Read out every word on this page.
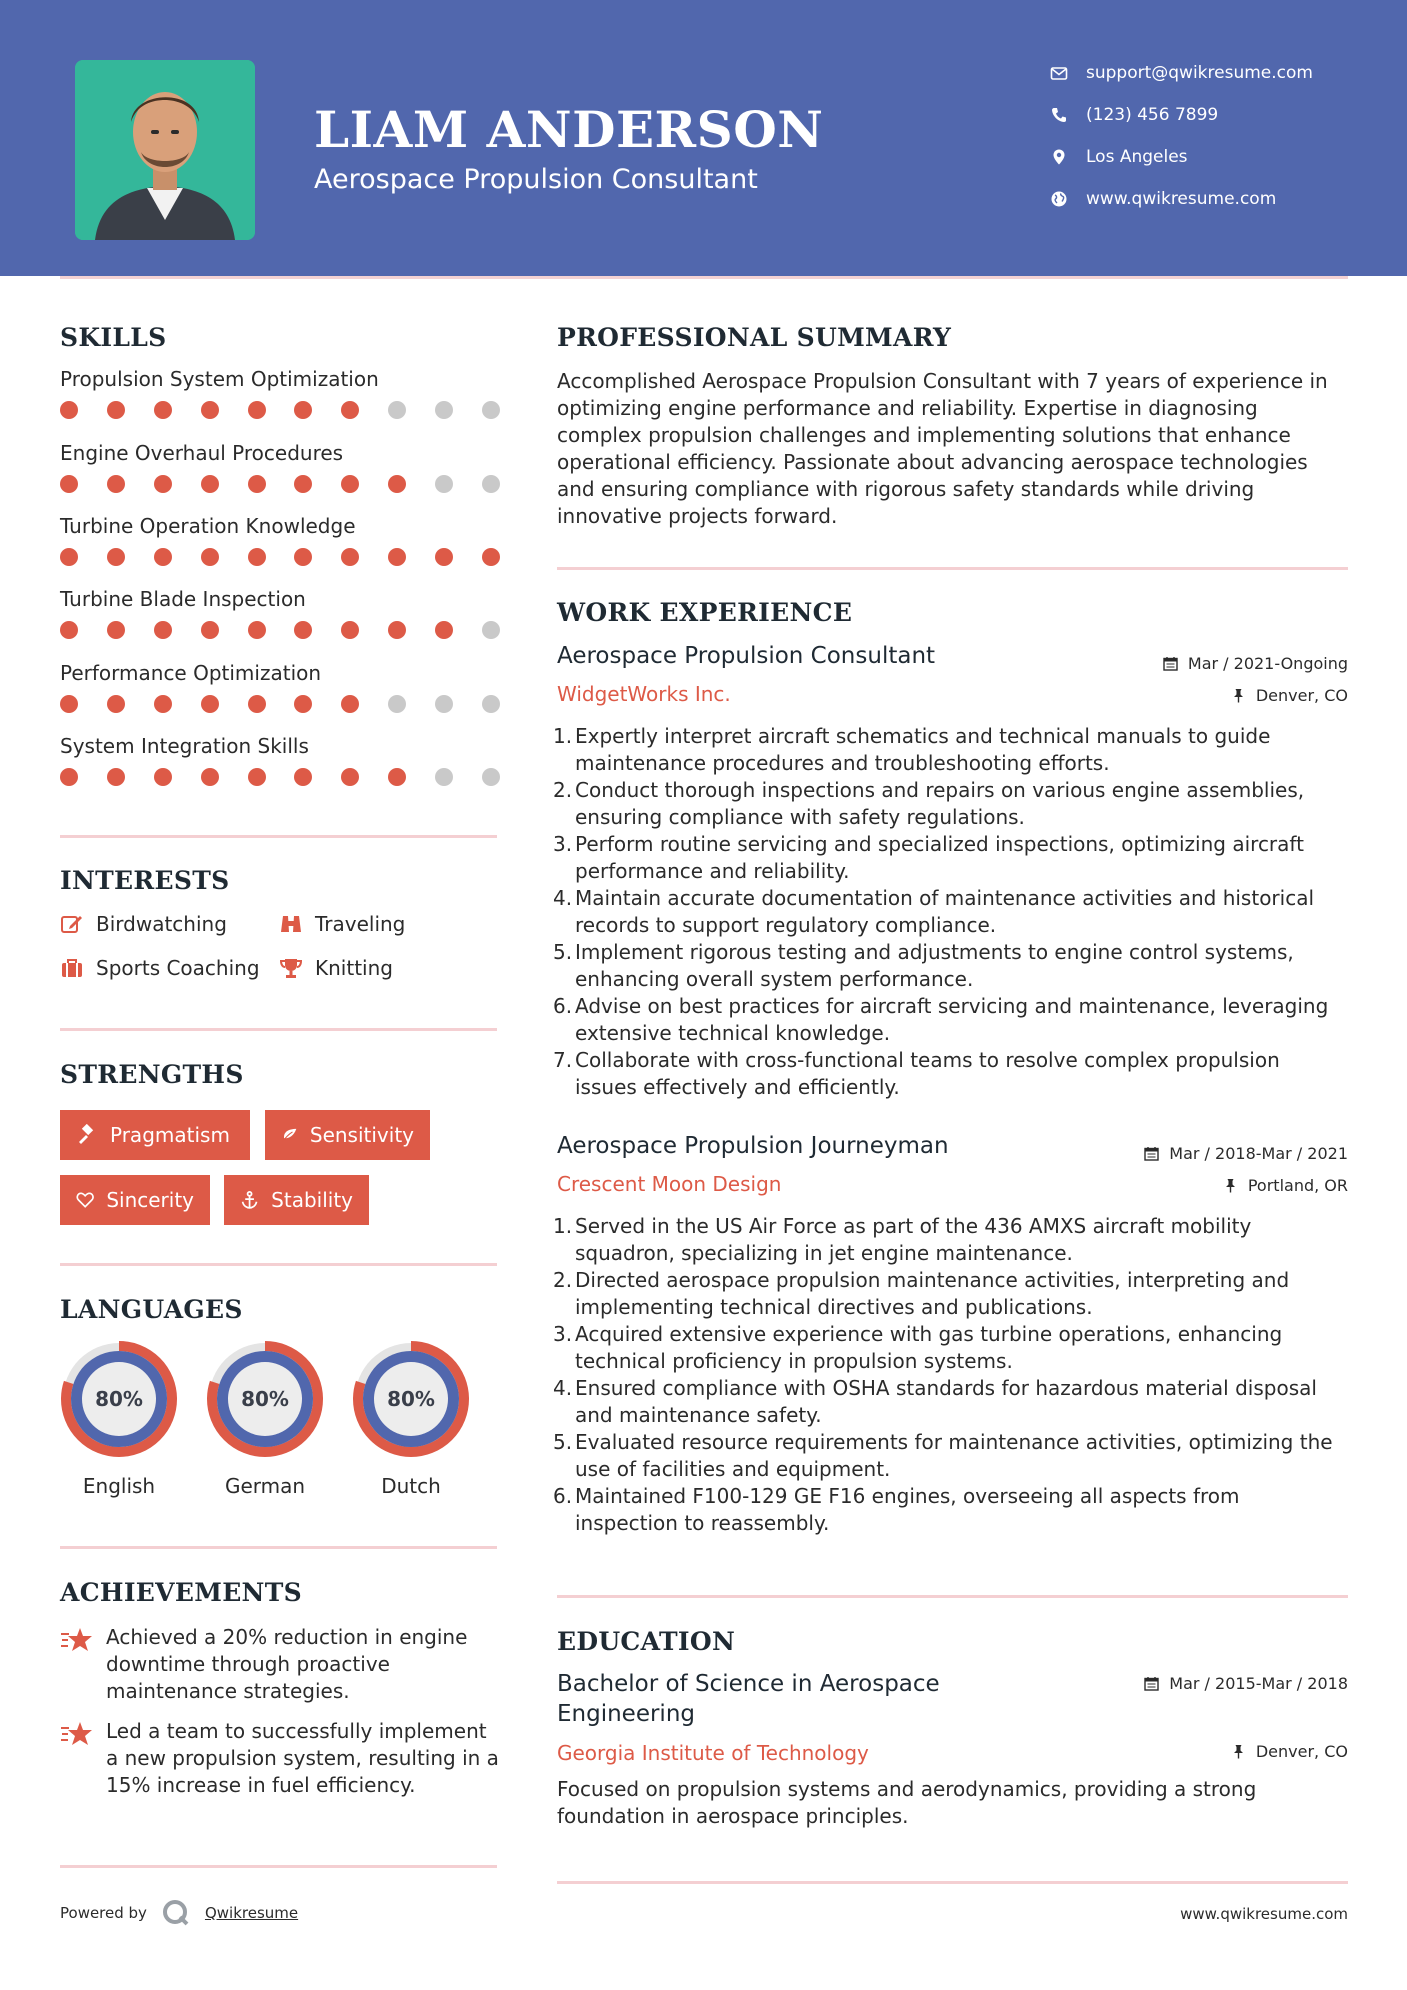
LIAM ANDERSON
Aerospace Propulsion Consultant
support@qwikresume.com
(123) 456 7899
Los Angeles
www.qwikresume.com
SKILLS
Propulsion System Optimization
Engine Overhaul Procedures
Turbine Operation Knowledge
Turbine Blade Inspection
Performance Optimization
System Integration Skills
INTERESTS
Birdwatching	Traveling
Sports Coaching	Knitting
STRENGTHS
Pragmatism	Sensitivity
Sincerity	Stability
LANGUAGES
80%
English
80%
German
80%
Dutch
ACHIEVEMENTS
Achieved a 20% reduction in engine downtime through proactive maintenance strategies.
Led a team to successfully implement a new propulsion system, resulting in a 15% increase in fuel efficiency.
PROFESSIONAL SUMMARY
Accomplished Aerospace Propulsion Consultant with 7 years of experience in optimizing engine performance and reliability. Expertise in diagnosing complex propulsion challenges and implementing solutions that enhance operational efficiency. Passionate about advancing aerospace technologies and ensuring compliance with rigorous safety standards while driving innovative projects forward.
WORK EXPERIENCE
Aerospace Propulsion Consultant	Mar / 2021-Ongoing
WidgetWorks Inc.	Denver, CO
1. Expertly interpret aircraft schematics and technical manuals to guide maintenance procedures and troubleshooting efforts.
2. Conduct thorough inspections and repairs on various engine assemblies, ensuring compliance with safety regulations.
3. Perform routine servicing and specialized inspections, optimizing aircraft performance and reliability.
4. Maintain accurate documentation of maintenance activities and historical records to support regulatory compliance.
5. Implement rigorous testing and adjustments to engine control systems, enhancing overall system performance.
6. Advise on best practices for aircraft servicing and maintenance, leveraging extensive technical knowledge.
7. Collaborate with cross-functional teams to resolve complex propulsion issues effectively and efficiently.
Aerospace Propulsion Journeyman	Mar / 2018-Mar / 2021
Crescent Moon Design	Portland, OR
1. Served in the US Air Force as part of the 436 AMXS aircraft mobility squadron, specializing in jet engine maintenance.
2. Directed aerospace propulsion maintenance activities, interpreting and implementing technical directives and publications.
3. Acquired extensive experience with gas turbine operations, enhancing technical proficiency in propulsion systems.
4. Ensured compliance with OSHA standards for hazardous material disposal and maintenance safety.
5. Evaluated resource requirements for maintenance activities, optimizing the use of facilities and equipment.
6. Maintained F100-129 GE F16 engines, overseeing all aspects from inspection to reassembly.
EDUCATION
Bachelor of Science in Aerospace
Engineering
Mar / 2015-Mar / 2018
Georgia Institute of Technology	Denver, CO
Focused on propulsion systems and aerodynamics, providing a strong foundation in aerospace principles.
Powered by	Qwikresume	www.qwikresume.com
